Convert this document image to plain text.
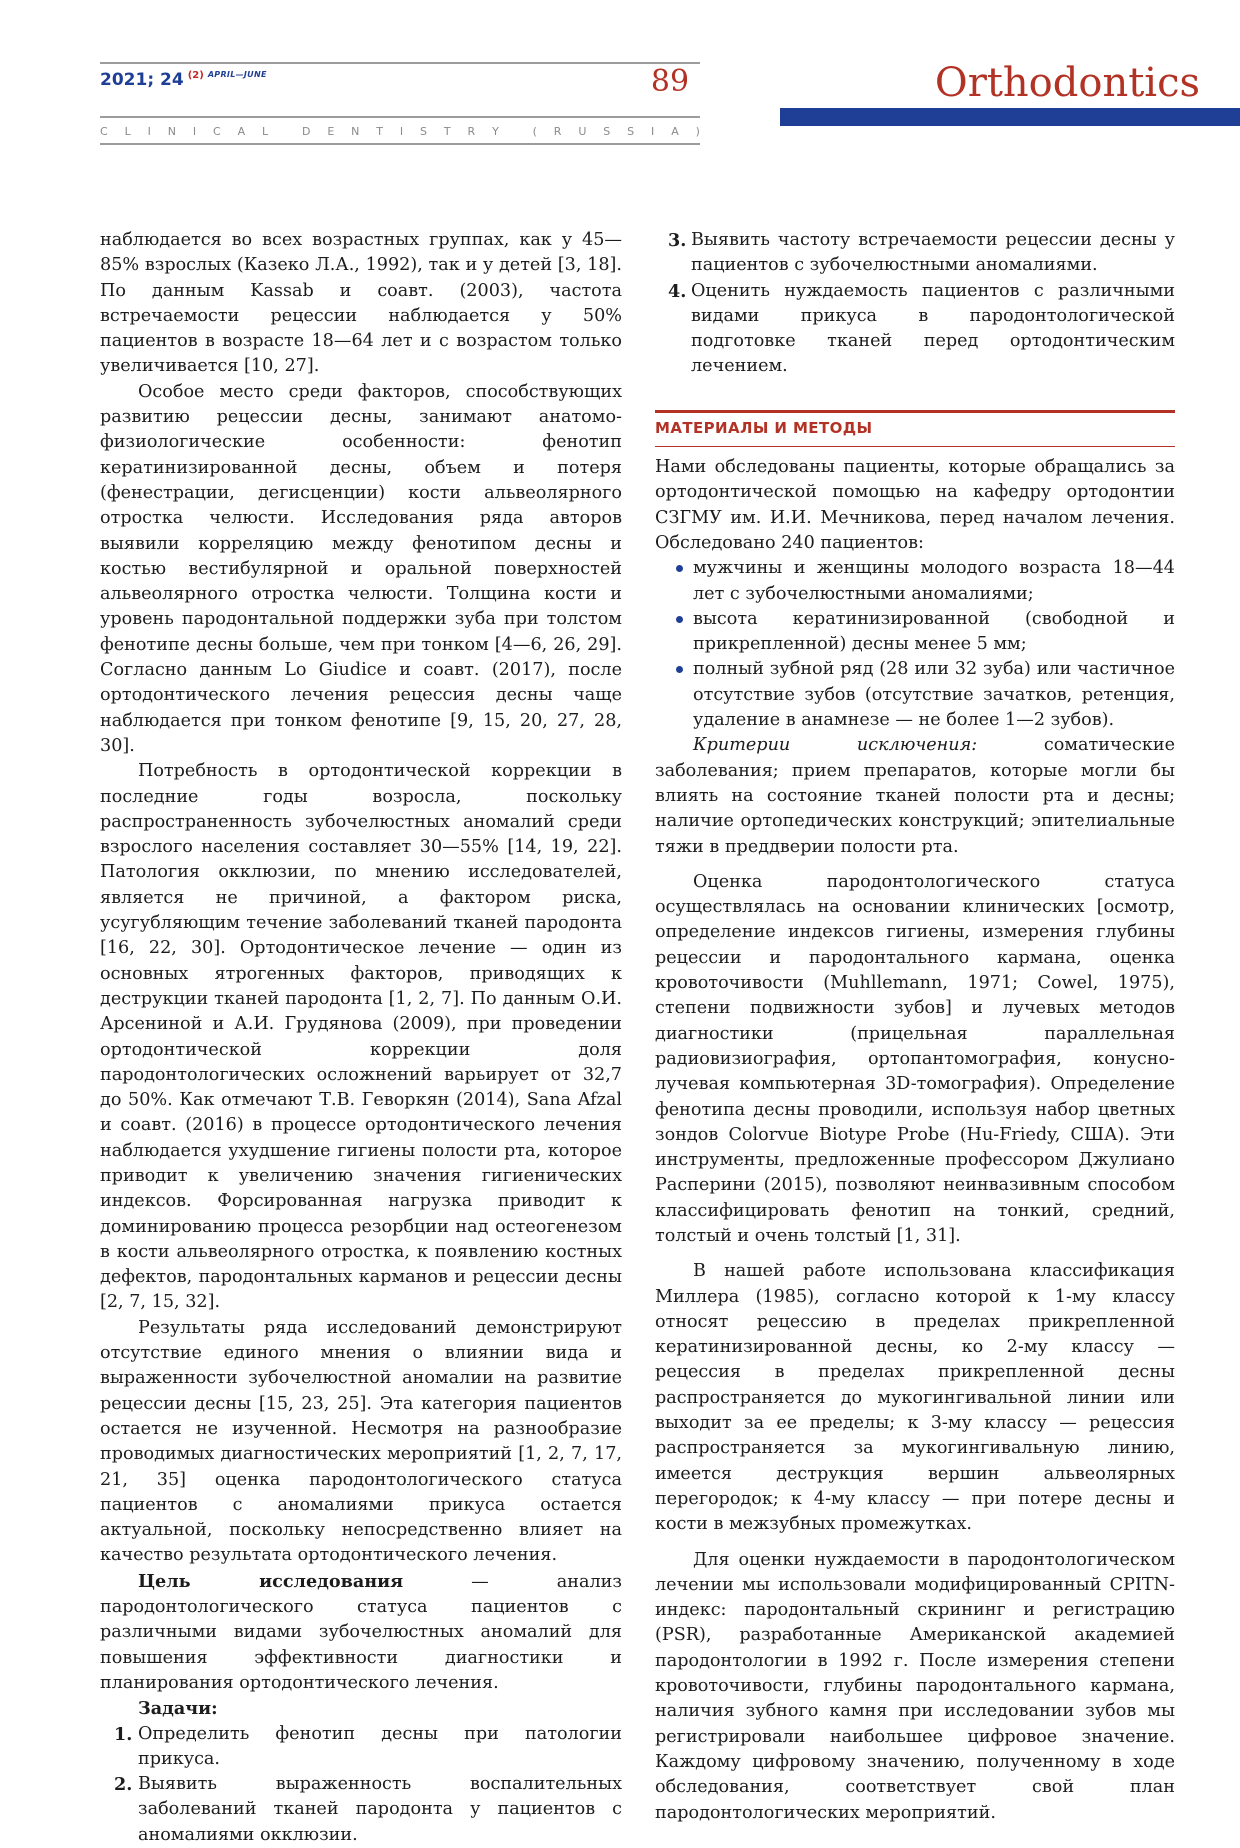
2021; 24 $^{(2)}$ $^{APRIL—JUNE}$	89
C L I N I C A L	D E N T I S T R Y	( R U S S I A )
Orthodontics

наблюдается во всех возрастных группах, как у 45—85% взрослых (Казеко Л.А., 1992), так и у детей [3, 18]. По данным Kassab и соавт. (2003), частота встречаемости рецессии наблюдается у 50% пациентов в возрасте 18—64 лет и с возрастом только увеличивается [10, 27].

Особое место среди факторов, способствующих развитию рецессии десны, занимают анатомо-физиологические особенности: фенотип кератинизированной десны, объем и потеря (фенестрации, дегисценции) кости альвеолярного отростка челюсти. Исследования ряда авторов выявили корреляцию между фенотипом десны и костью вестибулярной и оральной поверхностей альвеолярного отростка челюсти. Толщина кости и уровень пародонтальной поддержки зуба при толстом фенотипе десны больше, чем при тонком [4—6, 26, 29]. Согласно данным Lo Giudice и соавт. (2017), после ортодонтического лечения рецессия десны чаще наблюдается при тонком фенотипе [9, 15, 20, 27, 28, 30].

Потребность в ортодонтической коррекции в последние годы возросла, поскольку распространенность зубочелюстных аномалий среди взрослого населения составляет 30—55% [14, 19, 22]. Патология окклюзии, по мнению исследователей, является не причиной, а фактором риска, усугубляющим течение заболеваний тканей пародонта [16, 22, 30]. Ортодонтическое лечение — один из основных ятрогенных факторов, приводящих к деструкции тканей пародонта [1, 2, 7]. По данным О.И. Арсениной и А.И. Грудянова (2009), при проведении ортодонтической коррекции доля пародонтологических осложнений варьирует от 32,7 до 50%. Как отмечают Т.В. Геворкян (2014), Sana Afzal и соавт. (2016) в процессе ортодонтического лечения наблюдается ухудшение гигиены полости рта, которое приводит к увеличению значения гигиенических индексов. Форсированная нагрузка приводит к доминированию процесса резорбции над остеогенезом в кости альвеолярного отростка, к появлению костных дефектов, пародонтальных карманов и рецессии десны [2, 7, 15, 32].

Результаты ряда исследований демонстрируют отсутствие единого мнения о влиянии вида и выраженности зубочелюстной аномалии на развитие рецессии десны [15, 23, 25]. Эта категория пациентов остается не изученной. Несмотря на разнообразие проводимых диагностических мероприятий [1, 2, 7, 17, 21, 35] оценка пародонтологического статуса пациентов с аномалиями прикуса остается актуальной, поскольку непосредственно влияет на качество результата ортодонтического лечения.

Цель исследования — анализ пародонтологического статуса пациентов с различными видами зубочелюстных аномалий для повышения эффективности диагностики и планирования ортодонтического лечения.

Задачи:
1. Определить фенотип десны при патологии прикуса.
2. Выявить выраженность воспалительных заболеваний тканей пародонта у пациентов с аномалиями окклюзии.
3. Выявить частоту встречаемости рецессии десны у пациентов с зубочелюстными аномалиями.
4. Оценить нуждаемость пациентов с различными видами прикуса в пародонтологической подготовке тканей перед ортодонтическим лечением.
МАТЕРИАЛЫ И МЕТОДЫ

Нами обследованы пациенты, которые обращались за ортодонтической помощью на кафедру ортодонтии СЗГМУ им. И.И. Мечникова, перед началом лечения. Обследовано 240 пациентов:

мужчины и женщины молодого возраста 18—44 лет с зубочелюстными аномалиями;
высота кератинизированной (свободной и прикрепленной) десны менее 5 мм;
полный зубной ряд (28 или 32 зуба) или частичное отсутствие зубов (отсутствие зачатков, ретенция, удаление в анамнезе — не более 1—2 зубов).

Критерии исключения: соматические заболевания; прием препаратов, которые могли бы влиять на состояние тканей полости рта и десны; наличие ортопедических конструкций; эпителиальные тяжи в преддверии полости рта.

Оценка пародонтологического статуса осуществлялась на основании клинических [осмотр, определение индексов гигиены, измерения глубины рецессии и пародонтального кармана, оценка кровоточивости (Muhllemann, 1971; Cowel, 1975), степени подвижности зубов] и лучевых методов диагностики (прицельная параллельная радиовизиография, ортопантомография, конусно-лучевая компьютерная 3D-томография). Определение фенотипа десны проводили, используя набор цветных зондов Colorvue Biotype Probe (Hu-Friedy, США). Эти инструменты, предложенные профессором Джулиано Расперини (2015), позволяют неинвазивным способом классифицировать фенотип на тонкий, средний, толстый и очень толстый [1, 31].

В нашей работе использована классификация Миллера (1985), согласно которой к 1-му классу относят рецессию в пределах прикрепленной кератинизированной десны, ко 2-му классу — рецессия в пределах прикрепленной десны распространяется до мукогингивальной линии или выходит за ее пределы; к 3-му классу — рецессия распространяется за мукогингивальную линию, имеется деструкция вершин альвеолярных перегородок; к 4-му классу — при потере десны и кости в межзубных промежутках.

Для оценки нуждаемости в пародонтологическом лечении мы использовали модифицированный CPITN-индекс: пародонтальный скрининг и регистрацию (PSR), разработанные Американской академией пародонтологии в 1992 г. После измерения степени кровоточивости, глубины пародонтального кармана, наличия зубного камня при исследовании зубов мы регистрировали наибольшее цифровое значение. Каждому цифровому значению, полученному в ходе обследования, соответствует свой план пародонтологических мероприятий.
